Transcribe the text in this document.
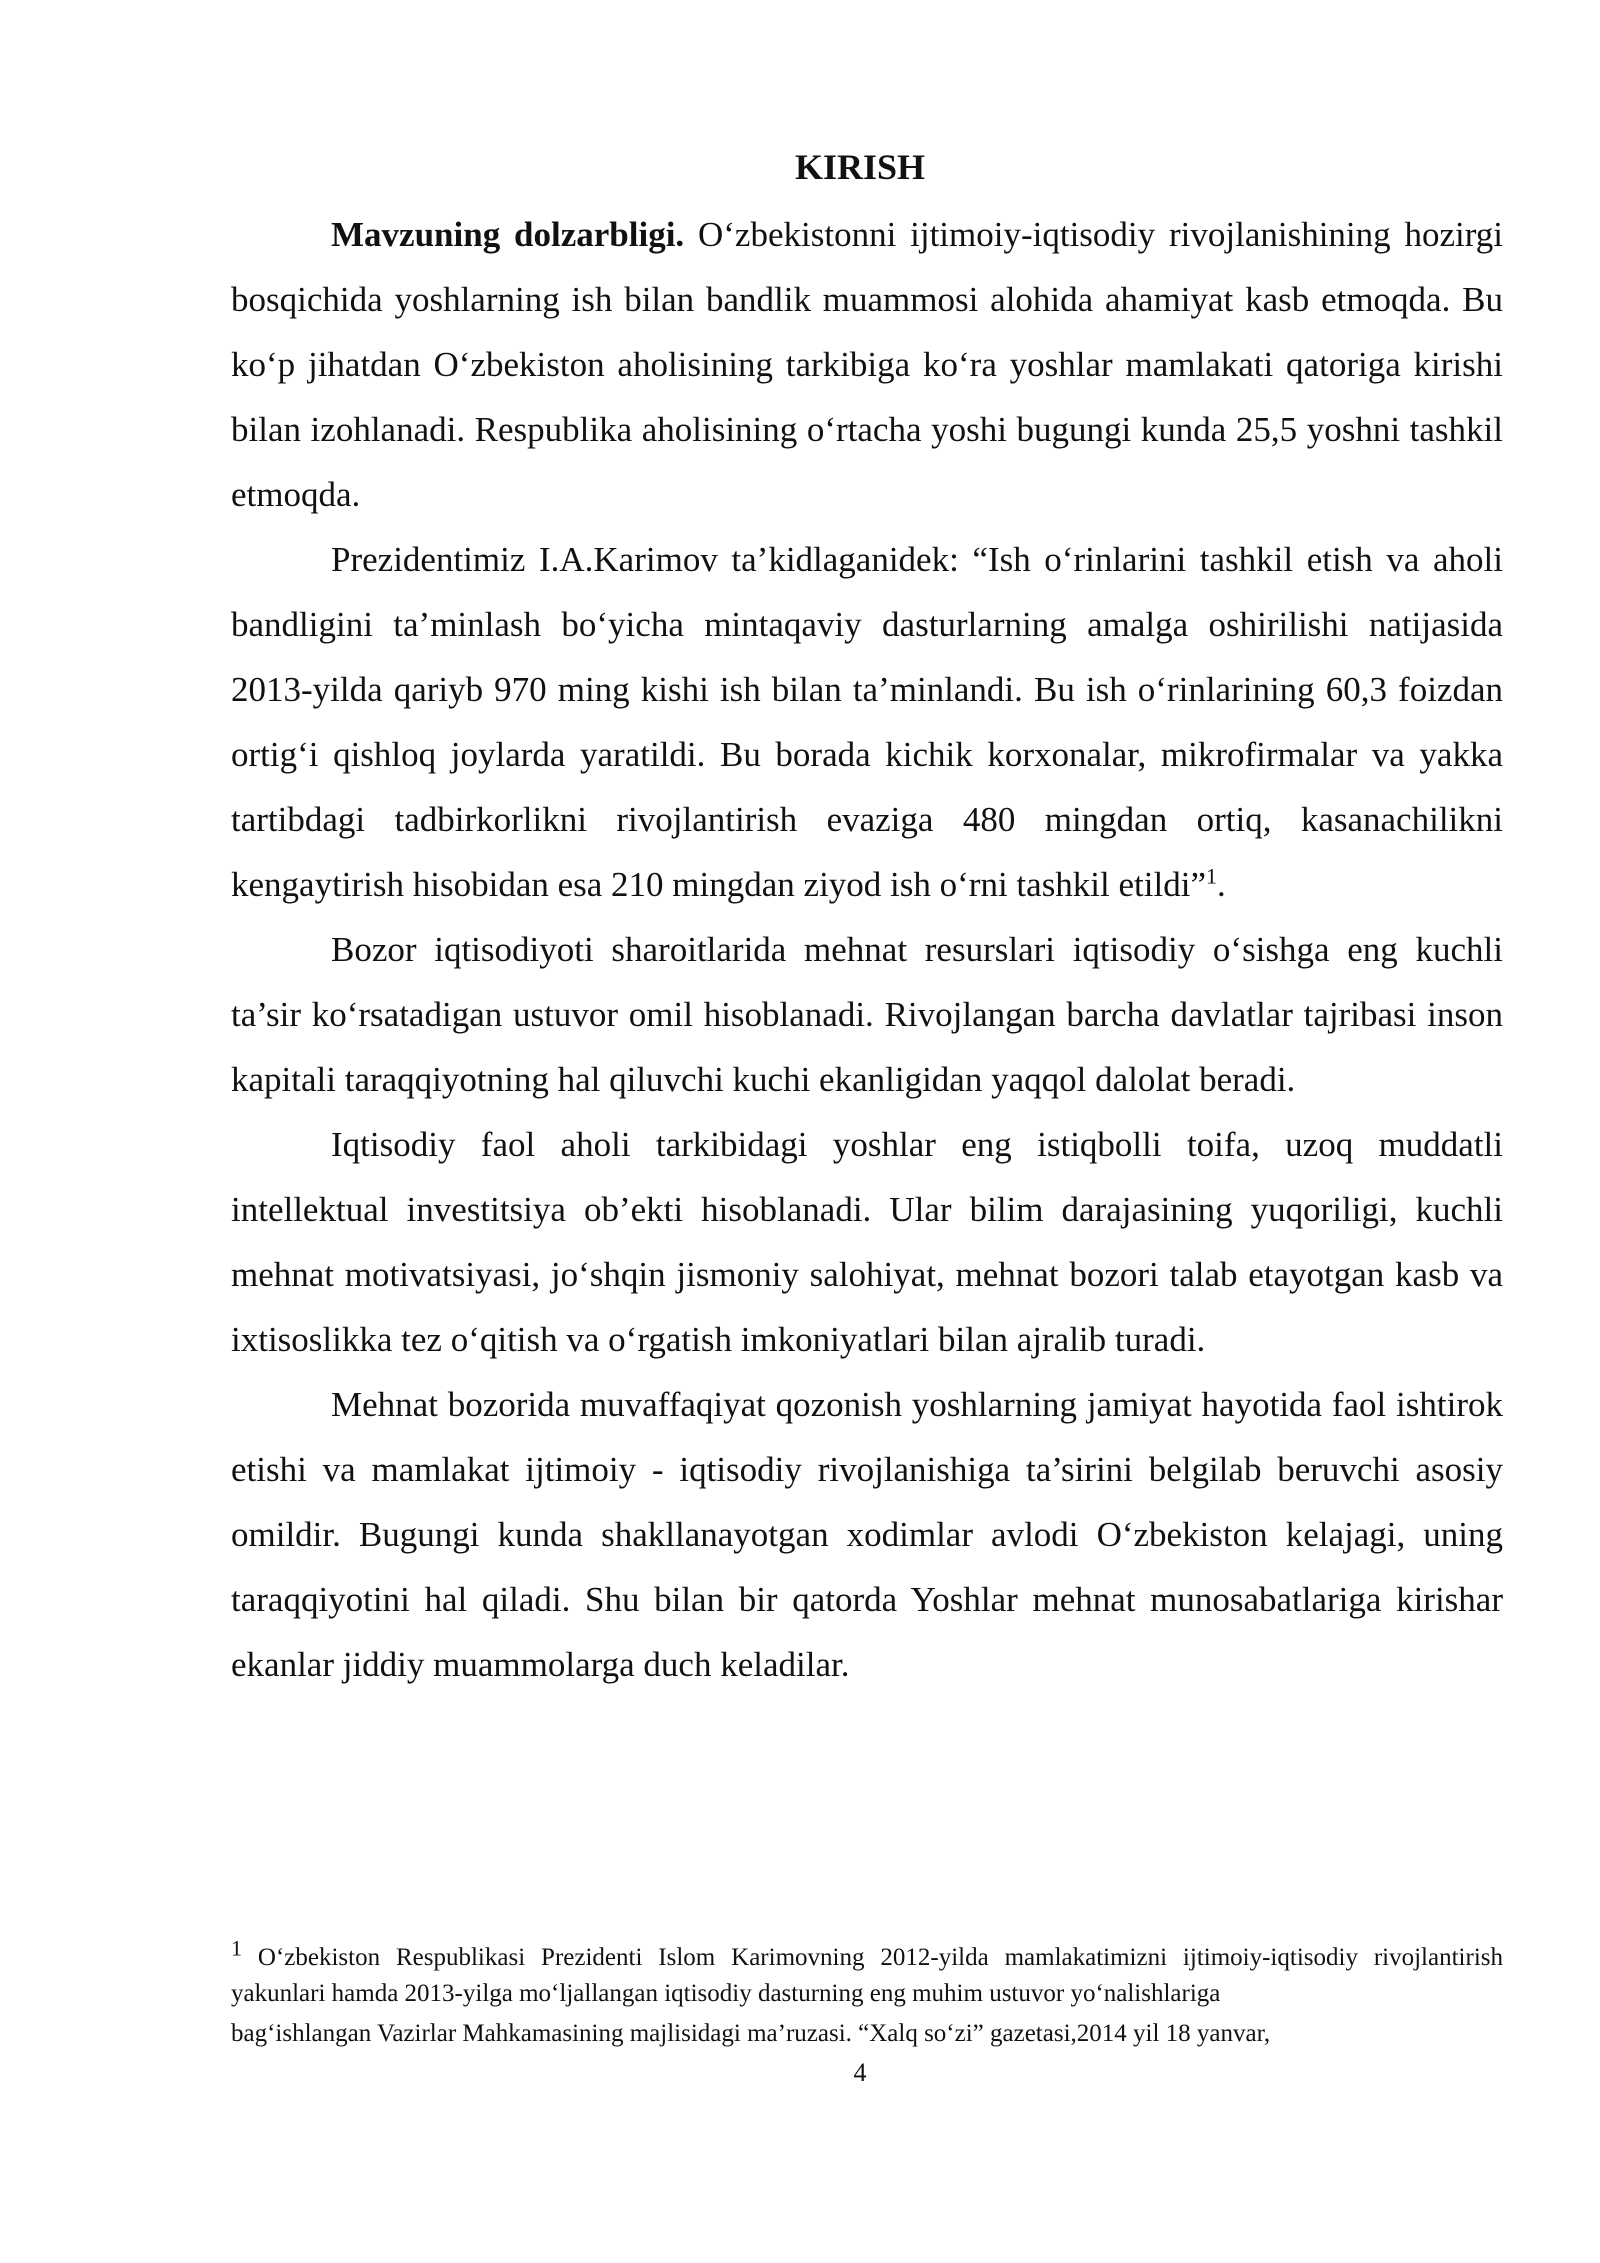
KIRISH

Mavzuning dolzarbligi. O‘zbekistonni ijtimoiy-iqtisodiy rivojlanishining hozirgi bosqichida yoshlarning ish bilan bandlik muammosi alohida ahamiyat kasb etmoqda. Bu ko‘p jihatdan O‘zbekiston aholisining tarkibiga ko‘ra yoshlar mamlakati qatoriga kirishi bilan izohlanadi. Respublika aholisining o‘rtacha yoshi bugungi kunda 25,5 yoshni tashkil etmoqda.

Prezidentimiz I.A.Karimov ta’kidlaganidek: “Ish o‘rinlarini tashkil etish va aholi bandligini ta’minlash bo‘yicha mintaqaviy dasturlarning amalga oshirilishi natijasida 2013-yilda qariyb 970 ming kishi ish bilan ta’minlandi. Bu ish o‘rinlarining 60,3 foizdan ortig‘i qishloq joylarda yaratildi. Bu borada kichik korxonalar, mikrofirmalar va yakka tartibdagi tadbirkorlikni rivojlantirish evaziga 480 mingdan ortiq, kasanachilikni kengaytirish hisobidan esa 210 mingdan ziyod ish o‘rni tashkil etildi”$^1$.

Bozor iqtisodiyoti sharoitlarida mehnat resurslari iqtisodiy o‘sishga eng kuchli ta’sir ko‘rsatadigan ustuvor omil hisoblanadi. Rivojlangan barcha davlatlar tajribasi inson kapitali taraqqiyotning hal qiluvchi kuchi ekanligidan yaqqol dalolat beradi.

Iqtisodiy faol aholi tarkibidagi yoshlar eng istiqbolli toifa, uzoq muddatli intellektual investitsiya ob’ekti hisoblanadi. Ular bilim darajasining yuqoriligi, kuchli mehnat motivatsiyasi, jo‘shqin jismoniy salohiyat, mehnat bozori talab etayotgan kasb va ixtisoslikka tez o‘qitish va o‘rgatish imkoniyatlari bilan ajralib turadi.

Mehnat bozorida muvaffaqiyat qozonish yoshlarning jamiyat hayotida faol ishtirok etishi va mamlakat ijtimoiy - iqtisodiy rivojlanishiga ta’sirini belgilab beruvchi asosiy omildir. Bugungi kunda shakllanayotgan xodimlar avlodi O‘zbekiston kelajagi, uning taraqqiyotini hal qiladi. Shu bilan bir qatorda Yoshlar mehnat munosabatlariga kirishar ekanlar jiddiy muammolarga duch keladilar.

$^1$ O‘zbekiston Respublikasi Prezidenti Islom Karimovning 2012-yilda mamlakatimizni ijtimoiy-iqtisodiy rivojlantirish yakunlari hamda 2013-yilga mo‘ljallangan iqtisodiy dasturning eng muhim ustuvor yo‘nalishlariga

bag‘ishlangan Vazirlar Mahkamasining majlisidagi ma’ruzasi. “Xalq so‘zi” gazetasi,2014 yil 18 yanvar,

4
